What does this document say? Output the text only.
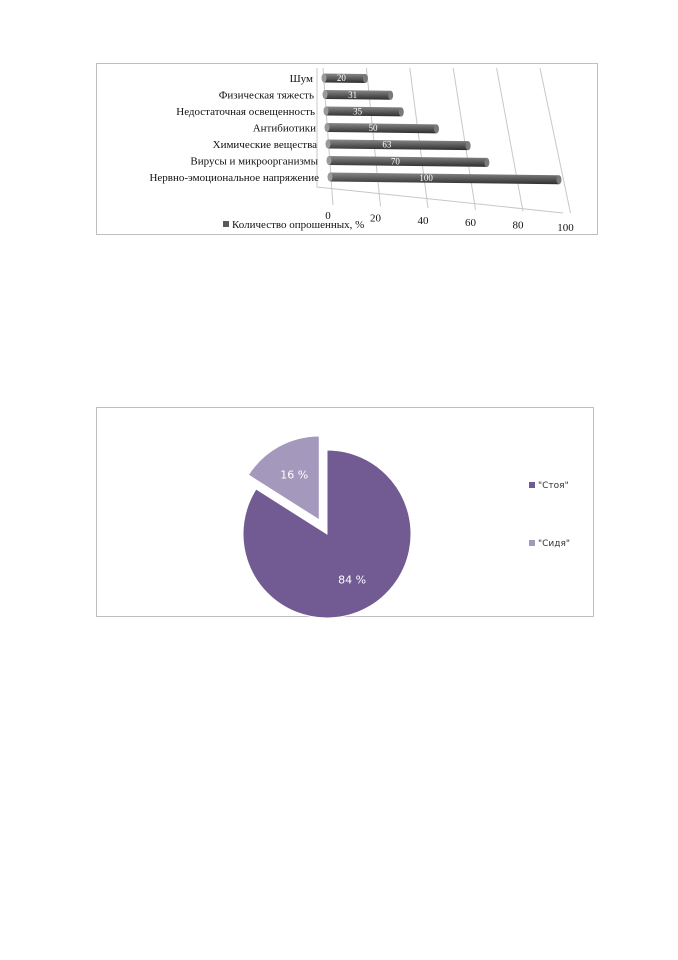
0	20	40	60	80	100
Шум	20
Физическая тяжесть	31
Недостаточная освещенность	35
Антибиотики	50
Химические вещества	63
Вирусы и микроорганизмы	70
Нервно-эмоциональное напряжение	100
Количество опрошенных, %
84 %
16 %
"Стоя"
"Сидя"
